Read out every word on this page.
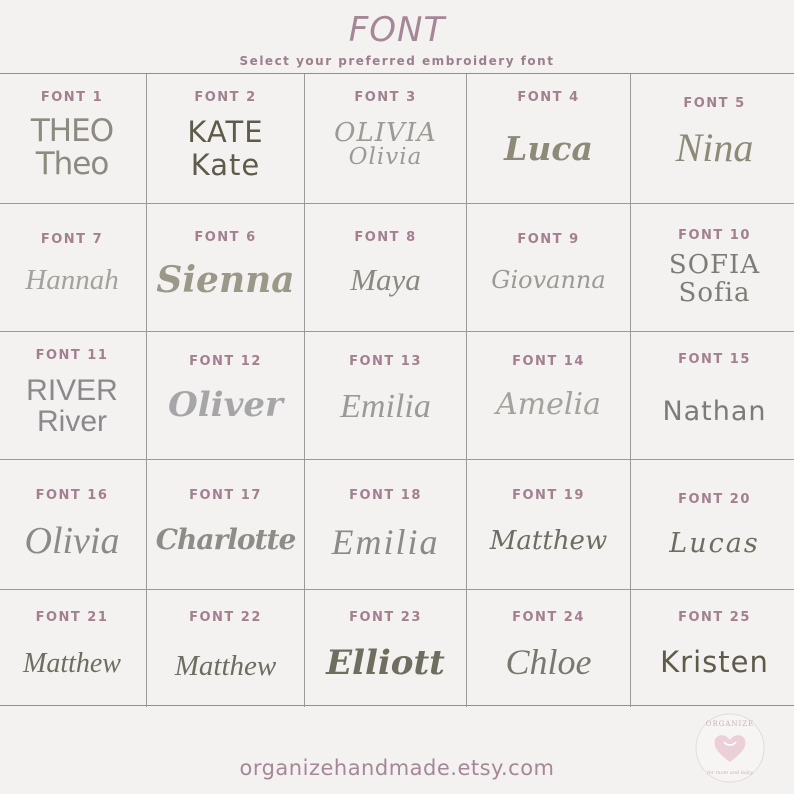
FONT
Select your preferred embroidery font
FONT 1
THEO
Theo
FONT 2
KATE
Kate
FONT 3
OLIVIA
Olivia
FONT 4
Luca
FONT 5
Nina
FONT 7
Hannah
FONT 6
Sienna
FONT 8
Maya
FONT 9
Giovanna
FONT 10
SOFIA
Sofia
FONT 11
RIVER
River
FONT 12
Oliver
FONT 13
Emilia
FONT 14
Amelia
FONT 15
Nathan
FONT 16
Olivia
FONT 17
Charlotte
FONT 18
Emilia
FONT 19
Matthew
FONT 20
Lucas
FONT 21
Matthew
FONT 22
Matthew
FONT 23
Elliott
FONT 24
Chloe
FONT 25
Kristen
organizehandmade.etsy.com
ORGANIZE
for mom and baby
